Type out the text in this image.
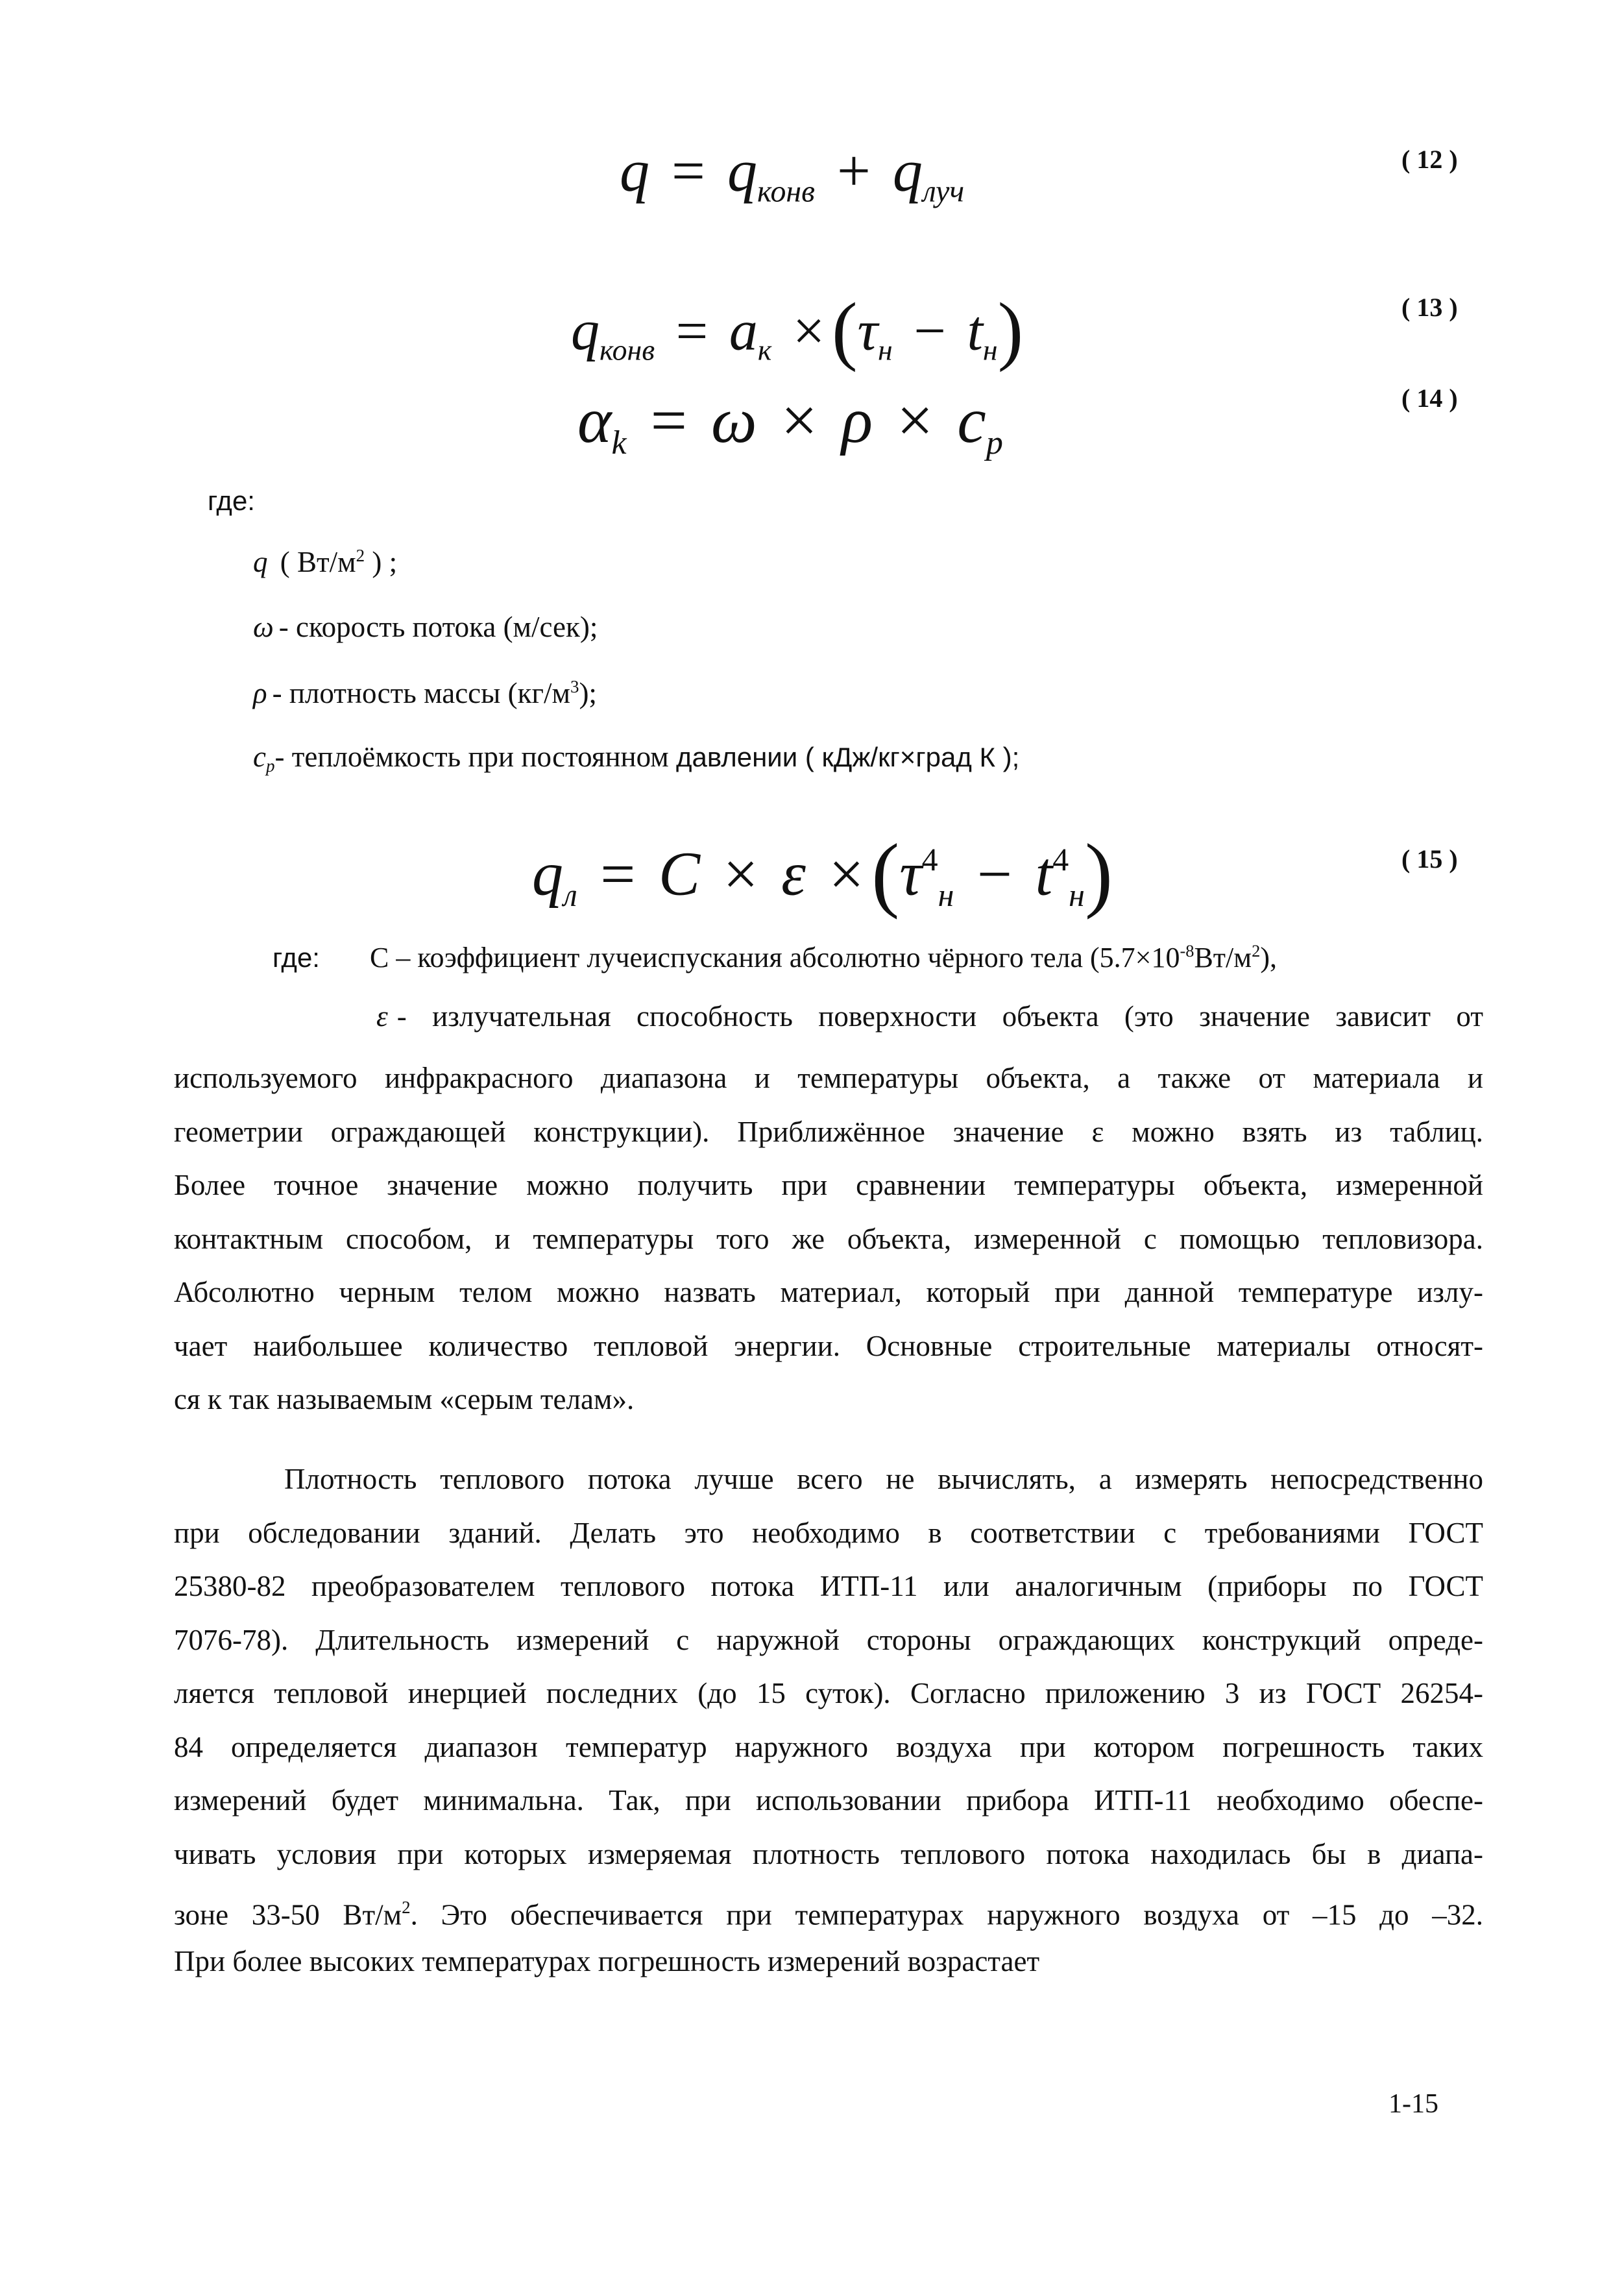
$q = q_{конв} + q_{луч}$
( 12 )
$q_{конв} = a_к \times(\tau_н - t_н)$	( 13 )
$\alpha_k = \omega \times \rho \times c_p$
( 14 )
где:
q ( $Вт/м^2$ ) ;
ω - скорость потока (м/сек);
ρ - плотность массы $(кг/м^3)$;
$c_p-$ теплоёмкость при постоянном давлении ( кДж/кг×град К );
$q_л = C \times \varepsilon \times(\tau^4_н - t^4_н)$	( 15 )
где: С – коэффициент лучеиспускания абсолютно чёрного тела $(5.7\times 10^{-8}Вт/м^2)$,
ε - излучательная способность поверхности объекта (это значение зависит от
используемого инфракрасного диапазона и температуры объекта, а также от материала и
геометрии ограждающей конструкции). Приближённое значение ε можно взять из таблиц.
Более точное значение можно получить при сравнении температуры объекта, измеренной
контактным способом, и температуры того же объекта, измеренной с помощью тепловизора.
Абсолютно черным телом можно назвать материал, который при данной температуре излу-
чает наибольшее количество тепловой энергии. Основные строительные материалы относят-
ся к так называемым «серым телам».
Плотность теплового потока лучше всего не вычислять, а измерять непосредственно
при обследовании зданий. Делать это необходимо в соответствии с требованиями ГОСТ
25380-82 преобразователем теплового потока ИТП-11 или аналогичным (приборы по ГОСТ
7076-78). Длительность измерений с наружной стороны ограждающих конструкций опреде-
ляется тепловой инерцией последних (до 15 суток). Согласно приложению 3 из ГОСТ 26254-
84 определяется диапазон температур наружного воздуха при котором погрешность таких
измерений будет минимальна. Так, при использовании прибора ИТП-11 необходимо обеспе-
чивать условия при которых измеряемая плотность теплового потока находилась бы в диапа-
зоне 33-50 $Вт/м^2$. Это обеспечивается при температурах наружного воздуха от –15 до –32.
При более высоких температурах погрешность измерений возрастает
1-15
